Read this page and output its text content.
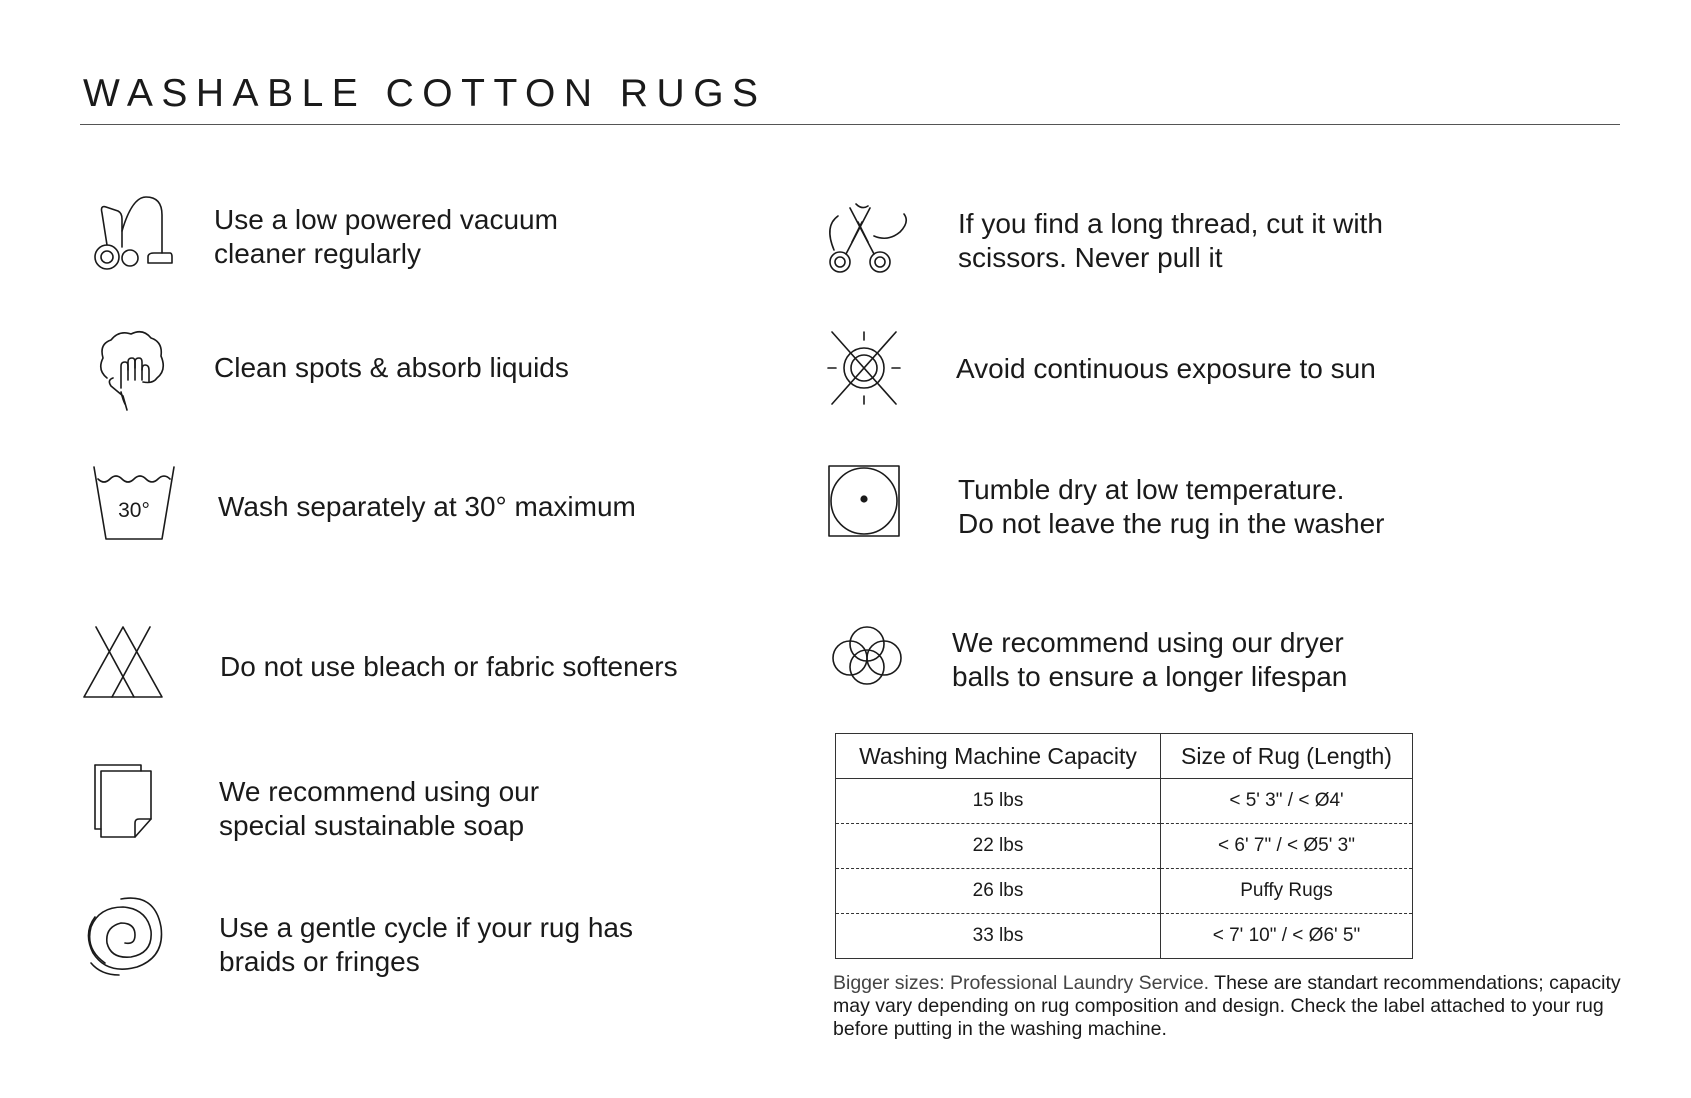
WASHABLE COTTON RUGS

Use a low powered vacuum
cleaner regularly

Clean spots & absorb liquids

30° Wash separately at 30° maximum

Do not use bleach or fabric softeners

We recommend using our
special sustainable soap

Use a gentle cycle if your rug has
braids or fringes

If you find a long thread, cut it with
scissors. Never pull it

Avoid continuous exposure to sun

Tumble dry at low temperature.
Do not leave the rug in the washer

We recommend using our dryer
balls to ensure a longer lifespan

Washing Machine Capacity	Size of Rug (Length)
15 lbs	< 5' 3" / < Ø4'
22 lbs	< 6' 7" / < Ø5' 3"
26 lbs	Puffy Rugs
33 lbs	< 7' 10" / < Ø6' 5"

Bigger sizes: Professional Laundry Service. These are standart recommendations; capacity may vary depending on rug composition and design. Check the label attached to your rug before putting in the washing machine.
